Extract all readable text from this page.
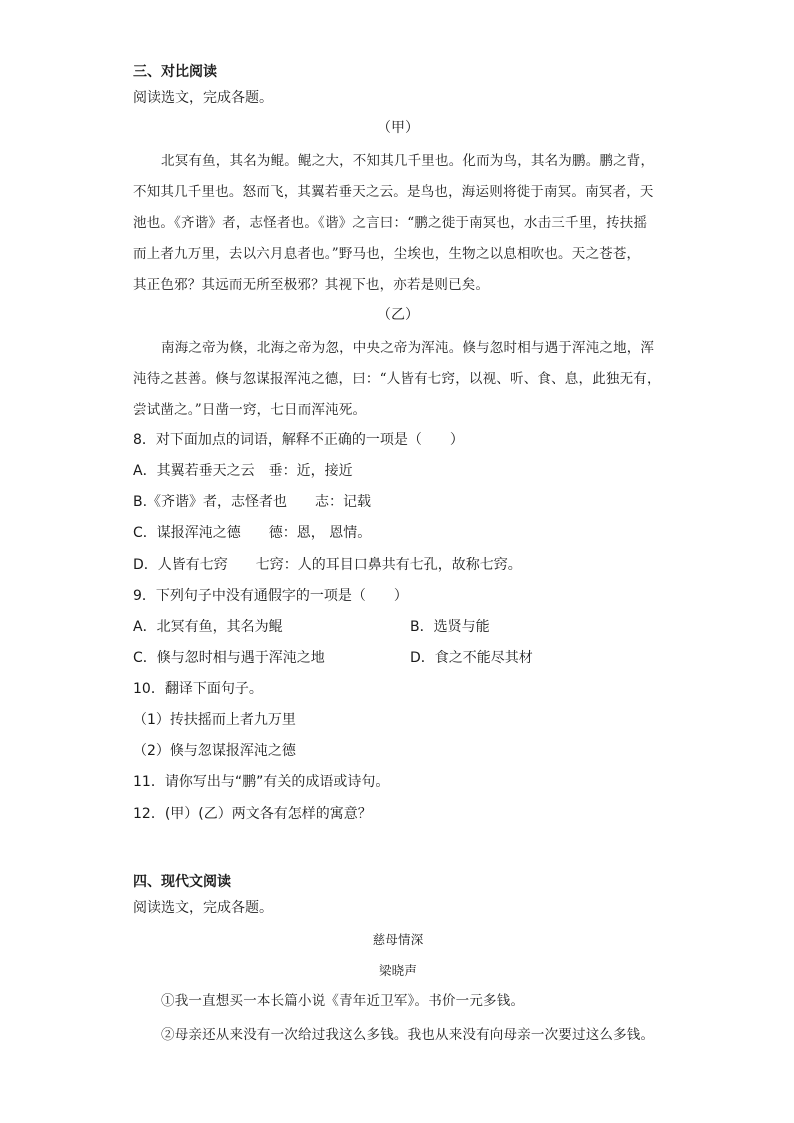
三、对比阅读
阅读选文，完成各题。
（甲）
北冥有鱼，其名为鲲。鲲之大，不知其几千里也。化而为鸟，其名为鹏。鹏之背，
不知其几千里也。怒而飞，其翼若垂天之云。是鸟也，海运则将徙于南冥。南冥者，天
池也。《齐谐》者，志怪者也。《谐》之言曰：“鹏之徙于南冥也，水击三千里，抟扶摇
而上者九万里，去以六月息者也。”野马也，尘埃也，生物之以息相吹也。天之苍苍，
其正色邪？其远而无所至极邪？其视下也，亦若是则已矣。
（乙）
南海之帝为倏，北海之帝为忽，中央之帝为浑沌。倏与忽时相与遇于浑沌之地，浑
沌待之甚善。倏与忽谋报浑沌之德，曰：“人皆有七窍，以视、听、食、息，此独无有，
尝试凿之。”日凿一窍，七日而浑沌死。
8．对下面加点的词语，解释不正确的一项是（　　）
A．其翼若垂天之云　垂：近，接近
B.《齐谐》者，志怪者也　　志：记载
C．谋报浑沌之德　　德：恩， 恩情。
D．人皆有七窍　　七窍：人的耳目口鼻共有七孔，故称七窍。
9．下列句子中没有通假字的一项是（　　）
A．北冥有鱼，其名为鲲	B．选贤与能
C．倏与忽时相与遇于浑沌之地	D．食之不能尽其材
10．翻译下面句子。
（1）抟扶摇而上者九万里
（2）倏与忽谋报浑沌之德
11．请你写出与“鹏”有关的成语或诗句。
12．(甲）(乙）两文各有怎样的寓意？
四、现代文阅读
阅读选文，完成各题。
慈母情深
梁晓声
①我一直想买一本长篇小说《青年近卫军》。书价一元多钱。
②母亲还从来没有一次给过我这么多钱。我也从来没有向母亲一次要过这么多钱。
